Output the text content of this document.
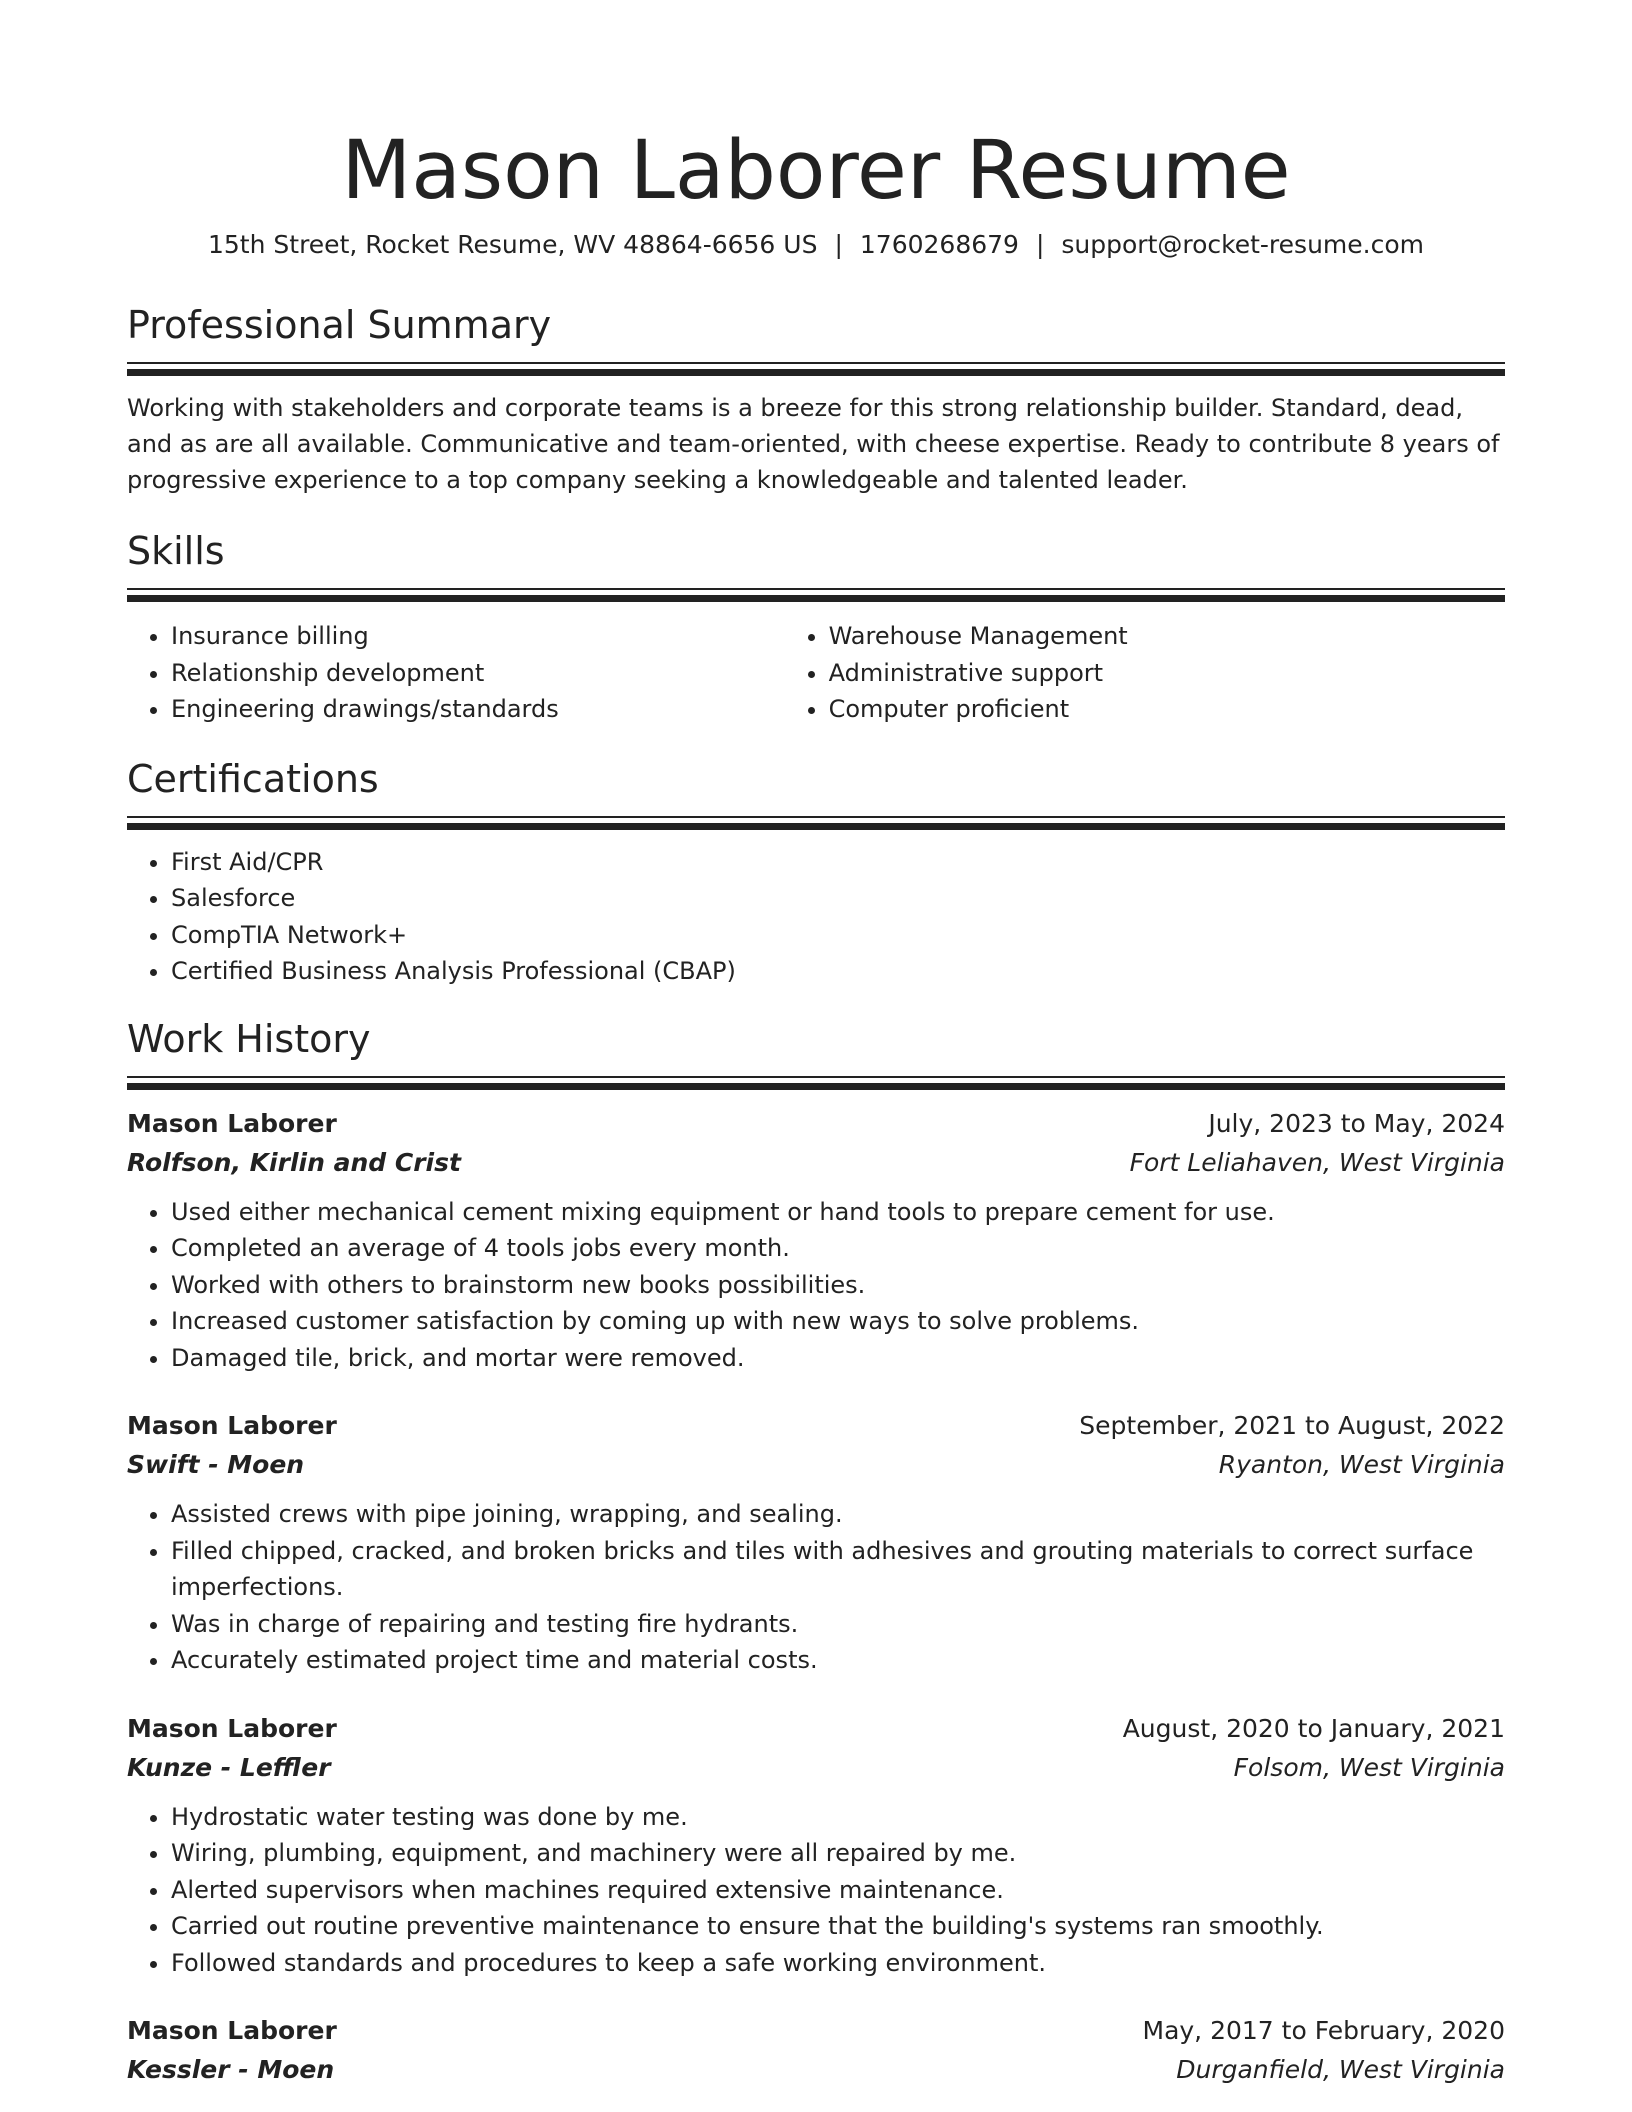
Mason Laborer Resume
15th Street, Rocket Resume, WV 48864-6656 US | 1760268679 | support@rocket-resume.com
Professional Summary

Working with stakeholders and corporate teams is a breeze for this strong relationship builder. Standard, dead, and as are all available. Communicative and team-oriented, with cheese expertise. Ready to contribute 8 years of progressive experience to a top company seeking a knowledgeable and talented leader.

Skills
• Insurance billing
• Relationship development
• Engineering drawings/standards
• Warehouse Management
• Administrative support
• Computer proficient
Certifications
• First Aid/CPR
• Salesforce
• CompTIA Network+
• Certified Business Analysis Professional (CBAP)
Work History
Mason Laborer	July, 2023 to May, 2024
Rolfson, Kirlin and Crist	Fort Leliahaven, West Virginia
• Used either mechanical cement mixing equipment or hand tools to prepare cement for use.
• Completed an average of 4 tools jobs every month.
• Worked with others to brainstorm new books possibilities.
• Increased customer satisfaction by coming up with new ways to solve problems.
• Damaged tile, brick, and mortar were removed.
Mason Laborer	September, 2021 to August, 2022
Swift - Moen	Ryanton, West Virginia
• Assisted crews with pipe joining, wrapping, and sealing.
• Filled chipped, cracked, and broken bricks and tiles with adhesives and grouting materials to correct surface imperfections.
• Was in charge of repairing and testing fire hydrants.
• Accurately estimated project time and material costs.
Mason Laborer	August, 2020 to January, 2021
Kunze - Leffler	Folsom, West Virginia
• Hydrostatic water testing was done by me.
• Wiring, plumbing, equipment, and machinery were all repaired by me.
• Alerted supervisors when machines required extensive maintenance.
• Carried out routine preventive maintenance to ensure that the building's systems ran smoothly.
• Followed standards and procedures to keep a safe working environment.
Mason Laborer	May, 2017 to February, 2020
Kessler - Moen	Durganfield, West Virginia
